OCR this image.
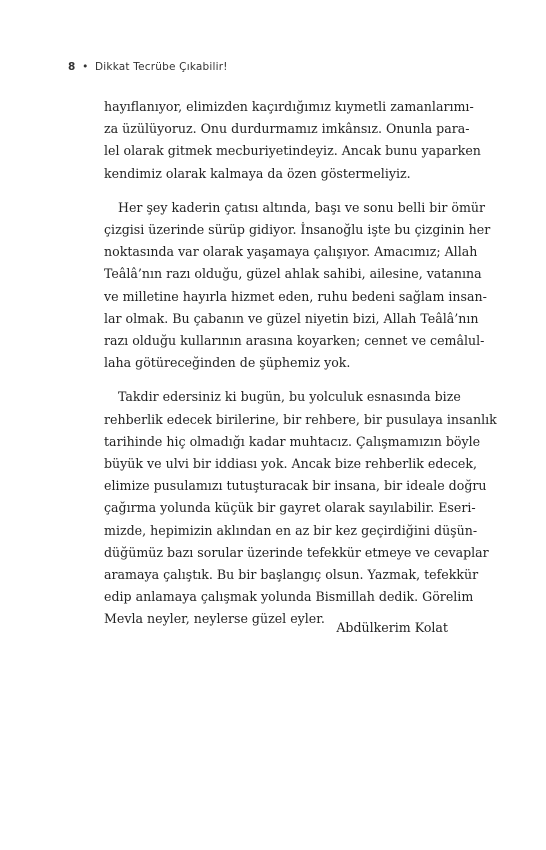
8 • Dikkat Tecrübe Çıkabilir!

hayıflanıyor, elimizden kaçırdığımız kıymetli zamanlarımı-
za üzülüyoruz. Onu durdurmamız imkânsız. Onunla para-
lel olarak gitmek mecburiyetindeyiz. Ancak bunu yaparken
kendimiz olarak kalmaya da özen göstermeliyiz.

Her şey kaderin çatısı altında, başı ve sonu belli bir ömür
çizgisi üzerinde sürüp gidiyor. İnsanoğlu işte bu çizginin her
noktasında var olarak yaşamaya çalışıyor. Amacımız; Allah
Teâlâ’nın razı olduğu, güzel ahlak sahibi, ailesine, vatanına
ve milletine hayırla hizmet eden, ruhu bedeni sağlam insan-
lar olmak. Bu çabanın ve güzel niyetin bizi, Allah Teâlâ’nın
razı olduğu kullarının arasına koyarken; cennet ve cemâlul-
laha götüreceğinden de şüphemiz yok.

Takdir edersiniz ki bugün, bu yolculuk esnasında bize
rehberlik edecek birilerine, bir rehbere, bir pusulaya insanlık
tarihinde hiç olmadığı kadar muhtacız. Çalışmamızın böyle
büyük ve ulvi bir iddiası yok. Ancak bize rehberlik edecek,
elimize pusulamızı tutuşturacak bir insana, bir ideale doğru
çağırma yolunda küçük bir gayret olarak sayılabilir. Eseri-
mizde, hepimizin aklından en az bir kez geçirdiğini düşün-
düğümüz bazı sorular üzerinde tefekkür etmeye ve cevaplar
aramaya çalıştık. Bu bir başlangıç olsun. Yazmak, tefekkür
edip anlamaya çalışmak yolunda Bismillah dedik. Görelim
Mevla neyler, neylerse güzel eyler.

Abdülkerim Kolat
